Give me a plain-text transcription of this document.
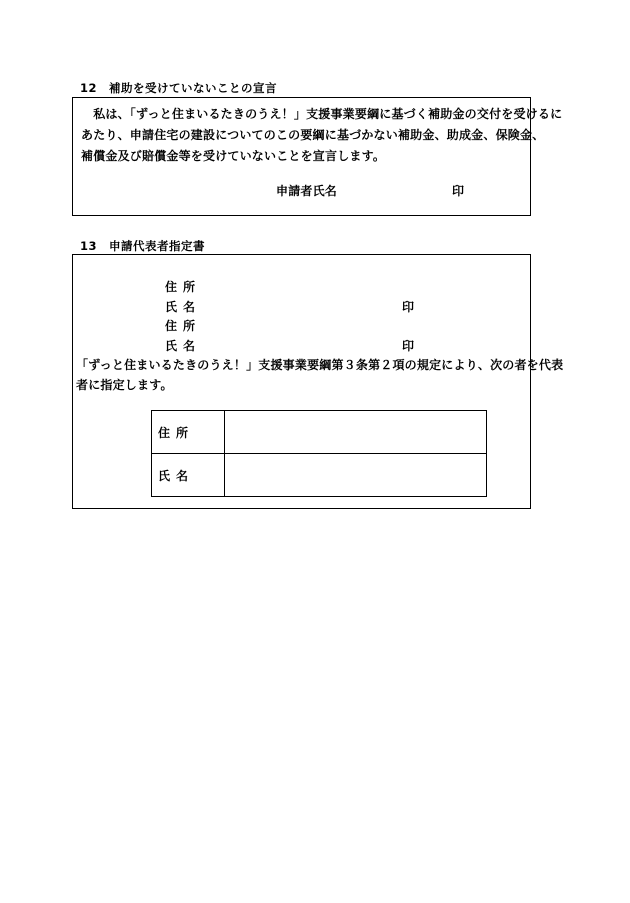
12　補助を受けていないことの宣言
　私は、「ずっと住まいるたきのうえ！」支援事業要綱に基づく補助金の交付を受けるに
あたり、申請住宅の建設についてのこの要綱に基づかない補助金、助成金、保険金、
補償金及び賠償金等を受けていないことを宣言します。
申請者氏名	印
13　申請代表者指定書
住所
氏名	印
住所
氏名	印
「ずっと住まいるたきのうえ！」支援事業要綱第３条第２項の規定により、次の者を代表
者に指定します。
住所	
氏名	
